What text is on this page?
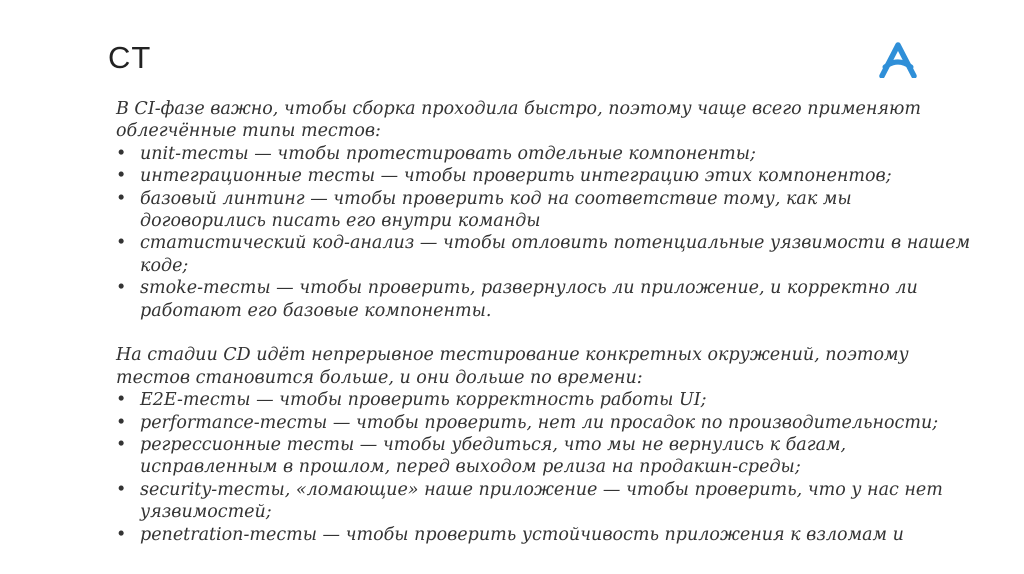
CT

В CI-фазе важно, чтобы сборка проходила быстро, поэтому чаще всего применяют облегчённые типы тестов:

• unit-тесты — чтобы протестировать отдельные компоненты;
• интеграционные тесты — чтобы проверить интеграцию этих компонентов;
• базовый линтинг — чтобы проверить код на соответствие тому, как мы договорились писать его внутри команды
• статистический код-анализ — чтобы отловить потенциальные уязвимости в нашем коде;
• smoke-тесты — чтобы проверить, развернулось ли приложение, и корректно ли работают его базовые компоненты.

На стадии CD идёт непрерывное тестирование конкретных окружений, поэтому тестов становится больше, и они дольше по времени:

• E2E-тесты — чтобы проверить корректность работы UI;
• performance-тесты — чтобы проверить, нет ли просадок по производительности;
• регрессионные тесты — чтобы убедиться, что мы не вернулись к багам, исправленным в прошлом, перед выходом релиза на продакшн-среды;
• security-тесты, «ломающие» наше приложение — чтобы проверить, что у нас нет уязвимостей;
• penetration-тесты — чтобы проверить устойчивость приложения к взломам и
